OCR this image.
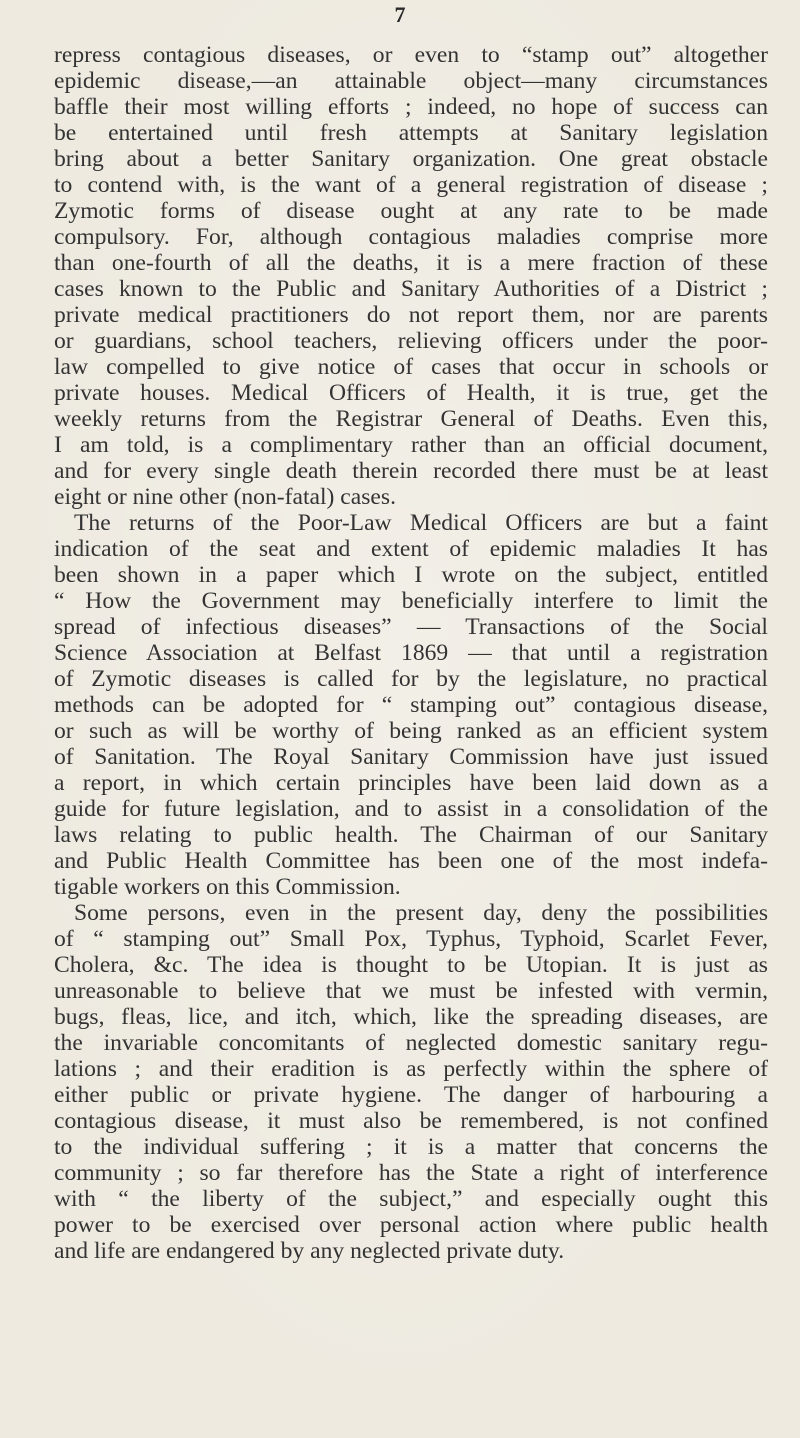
7
repress contagious diseases, or even to “stamp out” altogether
epidemic disease,—an attainable object—many circumstances
baffle their most willing efforts ; indeed, no hope of success can
be entertained until fresh attempts at Sanitary legislation
bring about a better Sanitary organization. One great obstacle
to contend with, is the want of a general registration of disease ;
Zymotic forms of disease ought at any rate to be made
compulsory. For, although contagious maladies comprise more
than one-fourth of all the deaths, it is a mere fraction of these
cases known to the Public and Sanitary Authorities of a District ;
private medical practitioners do not report them, nor are parents
or guardians, school teachers, relieving officers under the poor-
law compelled to give notice of cases that occur in schools or
private houses. Medical Officers of Health, it is true, get the
weekly returns from the Registrar General of Deaths. Even this,
I am told, is a complimentary rather than an official document,
and for every single death therein recorded there must be at least
eight or nine other (non-fatal) cases.
The returns of the Poor-Law Medical Officers are but a faint
indication of the seat and extent of epidemic maladies It has
been shown in a paper which I wrote on the subject, entitled
“ How the Government may beneficially interfere to limit the
spread of infectious diseases” — Transactions of the Social
Science Association at Belfast 1869 — that until a registration
of Zymotic diseases is called for by the legislature, no practical
methods can be adopted for “ stamping out” contagious disease,
or such as will be worthy of being ranked as an efficient system
of Sanitation. The Royal Sanitary Commission have just issued
a report, in which certain principles have been laid down as a
guide for future legislation, and to assist in a consolidation of the
laws relating to public health. The Chairman of our Sanitary
and Public Health Committee has been one of the most indefa-
tigable workers on this Commission.
Some persons, even in the present day, deny the possibilities
of “ stamping out” Small Pox, Typhus, Typhoid, Scarlet Fever,
Cholera, &c. The idea is thought to be Utopian. It is just as
unreasonable to believe that we must be infested with vermin,
bugs, fleas, lice, and itch, which, like the spreading diseases, are
the invariable concomitants of neglected domestic sanitary regu-
lations ; and their eradition is as perfectly within the sphere of
either public or private hygiene. The danger of harbouring a
contagious disease, it must also be remembered, is not confined
to the individual suffering ; it is a matter that concerns the
community ; so far therefore has the State a right of interference
with “ the liberty of the subject,” and especially ought this
power to be exercised over personal action where public health
and life are endangered by any neglected private duty.
